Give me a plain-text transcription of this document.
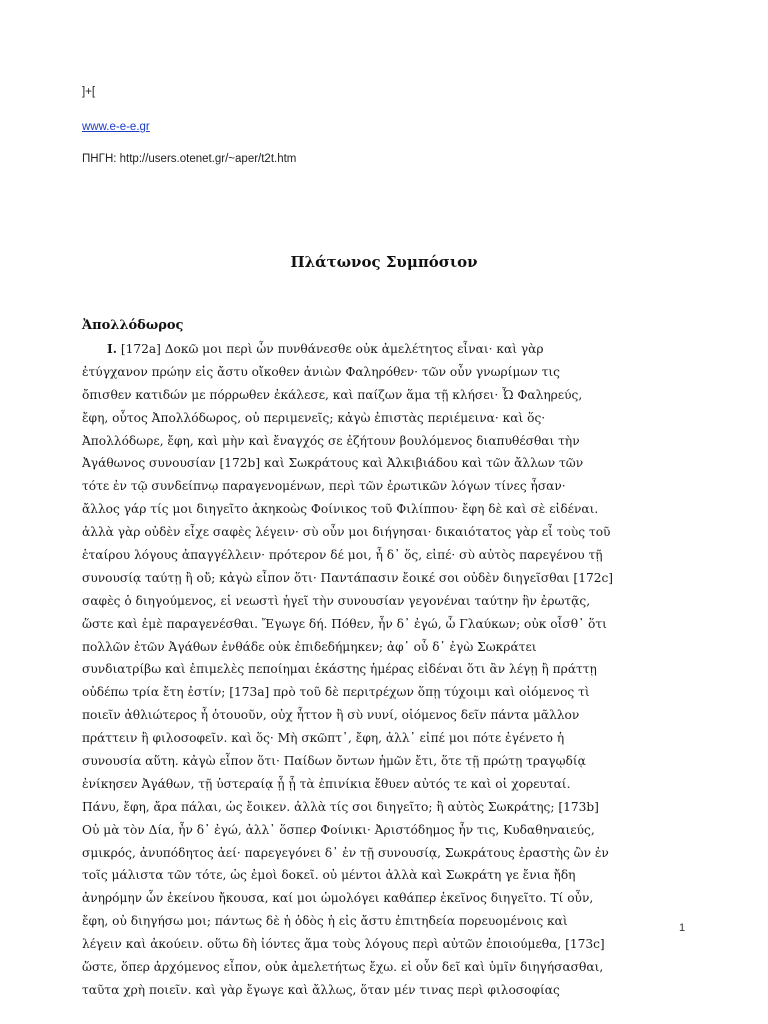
]+[
www.e-e-e.gr
ΠΗΓΗ: http://users.otenet.gr/~aper/t2t.htm
Πλάτωνος Συμπόσιον
Ἀπολλόδωρος
I. [172a] Δοκῶ μοι περὶ ὧν πυνθάνεσθε οὐκ ἀμελέτητος εἶναι· καὶ γὰρ
ἐτύγχανον πρώην εἰς ἄστυ οἴκοθεν ἀνιὼν Φαληρόθεν· τῶν οὖν γνωρίμων τις
ὄπισθεν κατιδών με πόρρωθεν ἐκάλεσε, καὶ παίζων ἅμα τῇ κλήσει· Ὦ Φαληρεύς,
ἔφη, οὗτος Ἀπολλόδωρος, οὐ περιμενεῖς; κἀγὼ ἐπιστὰς περιέμεινα· καὶ ὅς·
Ἀπολλόδωρε, ἔφη, καὶ μὴν καὶ ἔναγχός σε ἐζήτουν βουλόμενος διαπυθέσθαι τὴν
Ἀγάθωνος συνουσίαν [172b] καὶ Σωκράτους καὶ Ἀλκιβιάδου καὶ τῶν ἄλλων τῶν
τότε ἐν τῷ συνδείπνῳ παραγενομένων, περὶ τῶν ἐρωτικῶν λόγων τίνες ἦσαν·
ἄλλος γάρ τίς μοι διηγεῖτο ἀκηκοὼς Φοίνικος τοῦ Φιλίππου· ἔφη δὲ καὶ σὲ εἰδέναι.
ἀλλὰ γὰρ οὐδὲν εἶχε σαφὲς λέγειν· σὺ οὖν μοι διήγησαι· δικαιότατος γὰρ εἶ τοὺς τοῦ
ἑταίρου λόγους ἀπαγγέλλειν· πρότερον δέ μοι, ἦ δ᾽ ὅς, εἰπέ· σὺ αὐτὸς παρεγένου τῇ
συνουσίᾳ ταύτῃ ἢ οὔ; κἀγὼ εἶπον ὅτι· Παντάπασιν ἔοικέ σοι οὐδὲν διηγεῖσθαι [172c]
σαφὲς ὁ διηγούμενος, εἰ νεωστὶ ἡγεῖ τὴν συνουσίαν γεγονέναι ταύτην ἣν ἐρωτᾷς,
ὥστε καὶ ἐμὲ παραγενέσθαι. Ἔγωγε δή. Πόθεν, ἦν δ᾽ ἐγώ, ὦ Γλαύκων; οὐκ οἶσθ᾽ ὅτι
πολλῶν ἐτῶν Ἀγάθων ἐνθάδε οὐκ ἐπιδεδήμηκεν; ἀφ᾽ οὗ δ᾽ ἐγὼ Σωκράτει
συνδιατρίβω καὶ ἐπιμελὲς πεποίημαι ἑκάστης ἡμέρας εἰδέναι ὅτι ἂν λέγῃ ἢ πράττῃ
οὐδέπω τρία ἔτη ἐστίν; [173a] πρὸ τοῦ δὲ περιτρέχων ὅπῃ τύχοιμι καὶ οἰόμενος τὶ
ποιεῖν ἀθλιώτερος ἦ ὁτουοῦν, οὐχ ἧττον ἢ σὺ νυνί, οἰόμενος δεῖν πάντα μᾶλλον
πράττειν ἢ φιλοσοφεῖν. καὶ ὅς· Μὴ σκῶπτ᾽, ἔφη, ἀλλ᾽ εἰπέ μοι πότε ἐγένετο ἡ
συνουσία αὕτη. κἀγὼ εἶπον ὅτι· Παίδων ὄντων ἡμῶν ἔτι, ὅτε τῇ πρώτῃ τραγῳδίᾳ
ἐνίκησεν Ἀγάθων, τῇ ὑστεραίᾳ ᾗ ᾗ τὰ ἐπινίκια ἔθυεν αὐτός τε καὶ οἱ χορευταί.
Πάνυ, ἔφη, ἄρα πάλαι, ὡς ἔοικεν. ἀλλὰ τίς σοι διηγεῖτο; ἢ αὐτὸς Σωκράτης; [173b]
Οὐ μὰ τὸν Δία, ἦν δ᾽ ἐγώ, ἀλλ᾽ ὅσπερ Φοίνικι· Ἀριστόδημος ἦν τις, Κυδαθηναιεύς,
σμικρός, ἀνυπόδητος ἀεί· παρεγεγόνει δ᾽ ἐν τῇ συνουσίᾳ, Σωκράτους ἐραστὴς ὢν ἐν
τοῖς μάλιστα τῶν τότε, ὡς ἐμοὶ δοκεῖ. οὐ μέντοι ἀλλὰ καὶ Σωκράτη γε ἔνια ἤδη
ἀνηρόμην ὧν ἐκείνου ἤκουσα, καί μοι ὡμολόγει καθάπερ ἐκεῖνος διηγεῖτο. Τί οὖν,
ἔφη, οὐ διηγήσω μοι; πάντως δὲ ἡ ὁδὸς ἡ εἰς ἄστυ ἐπιτηδεία πορευομένοις καὶ
λέγειν καὶ ἀκούειν. οὕτω δὴ ἰόντες ἅμα τοὺς λόγους περὶ αὐτῶν ἐποιούμεθα, [173c]
ὥστε, ὅπερ ἀρχόμενος εἶπον, οὐκ ἀμελετήτως ἔχω. εἰ οὖν δεῖ καὶ ὑμῖν διηγήσασθαι,
ταῦτα χρὴ ποιεῖν. καὶ γὰρ ἔγωγε καὶ ἄλλως, ὅταν μέν τινας περὶ φιλοσοφίας
1
